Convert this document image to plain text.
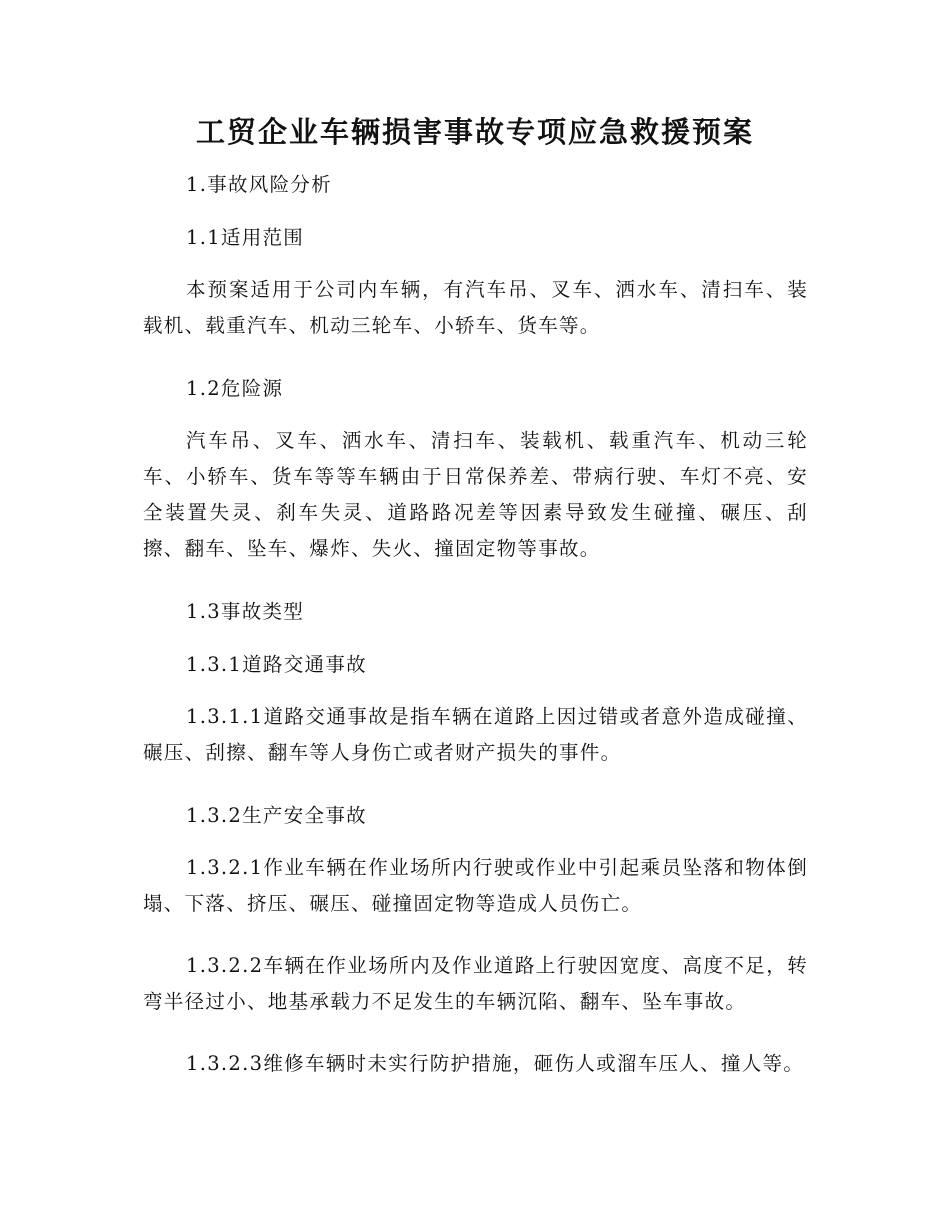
工贸企业车辆损害事故专项应急救援预案

1.事故风险分析

1.1适用范围

本预案适用于公司内车辆，有汽车吊、叉车、洒水车、清扫车、装载机、载重汽车、机动三轮车、小轿车、货车等。

1.2危险源

汽车吊、叉车、洒水车、清扫车、装载机、载重汽车、机动三轮车、小轿车、货车等等车辆由于日常保养差、带病行驶、车灯不亮、安全装置失灵、刹车失灵、道路路况差等因素导致发生碰撞、碾压、刮擦、翻车、坠车、爆炸、失火、撞固定物等事故。

1.3事故类型

1.3.1道路交通事故

1.3.1.1道路交通事故是指车辆在道路上因过错或者意外造成碰撞、碾压、刮擦、翻车等人身伤亡或者财产损失的事件。

1.3.2生产安全事故

1.3.2.1作业车辆在作业场所内行驶或作业中引起乘员坠落和物体倒塌、下落、挤压、碾压、碰撞固定物等造成人员伤亡。

1.3.2.2车辆在作业场所内及作业道路上行驶因宽度、高度不足，转弯半径过小、地基承载力不足发生的车辆沉陷、翻车、坠车事故。

1.3.2.3维修车辆时未实行防护措施，砸伤人或溜车压人、撞人等。
